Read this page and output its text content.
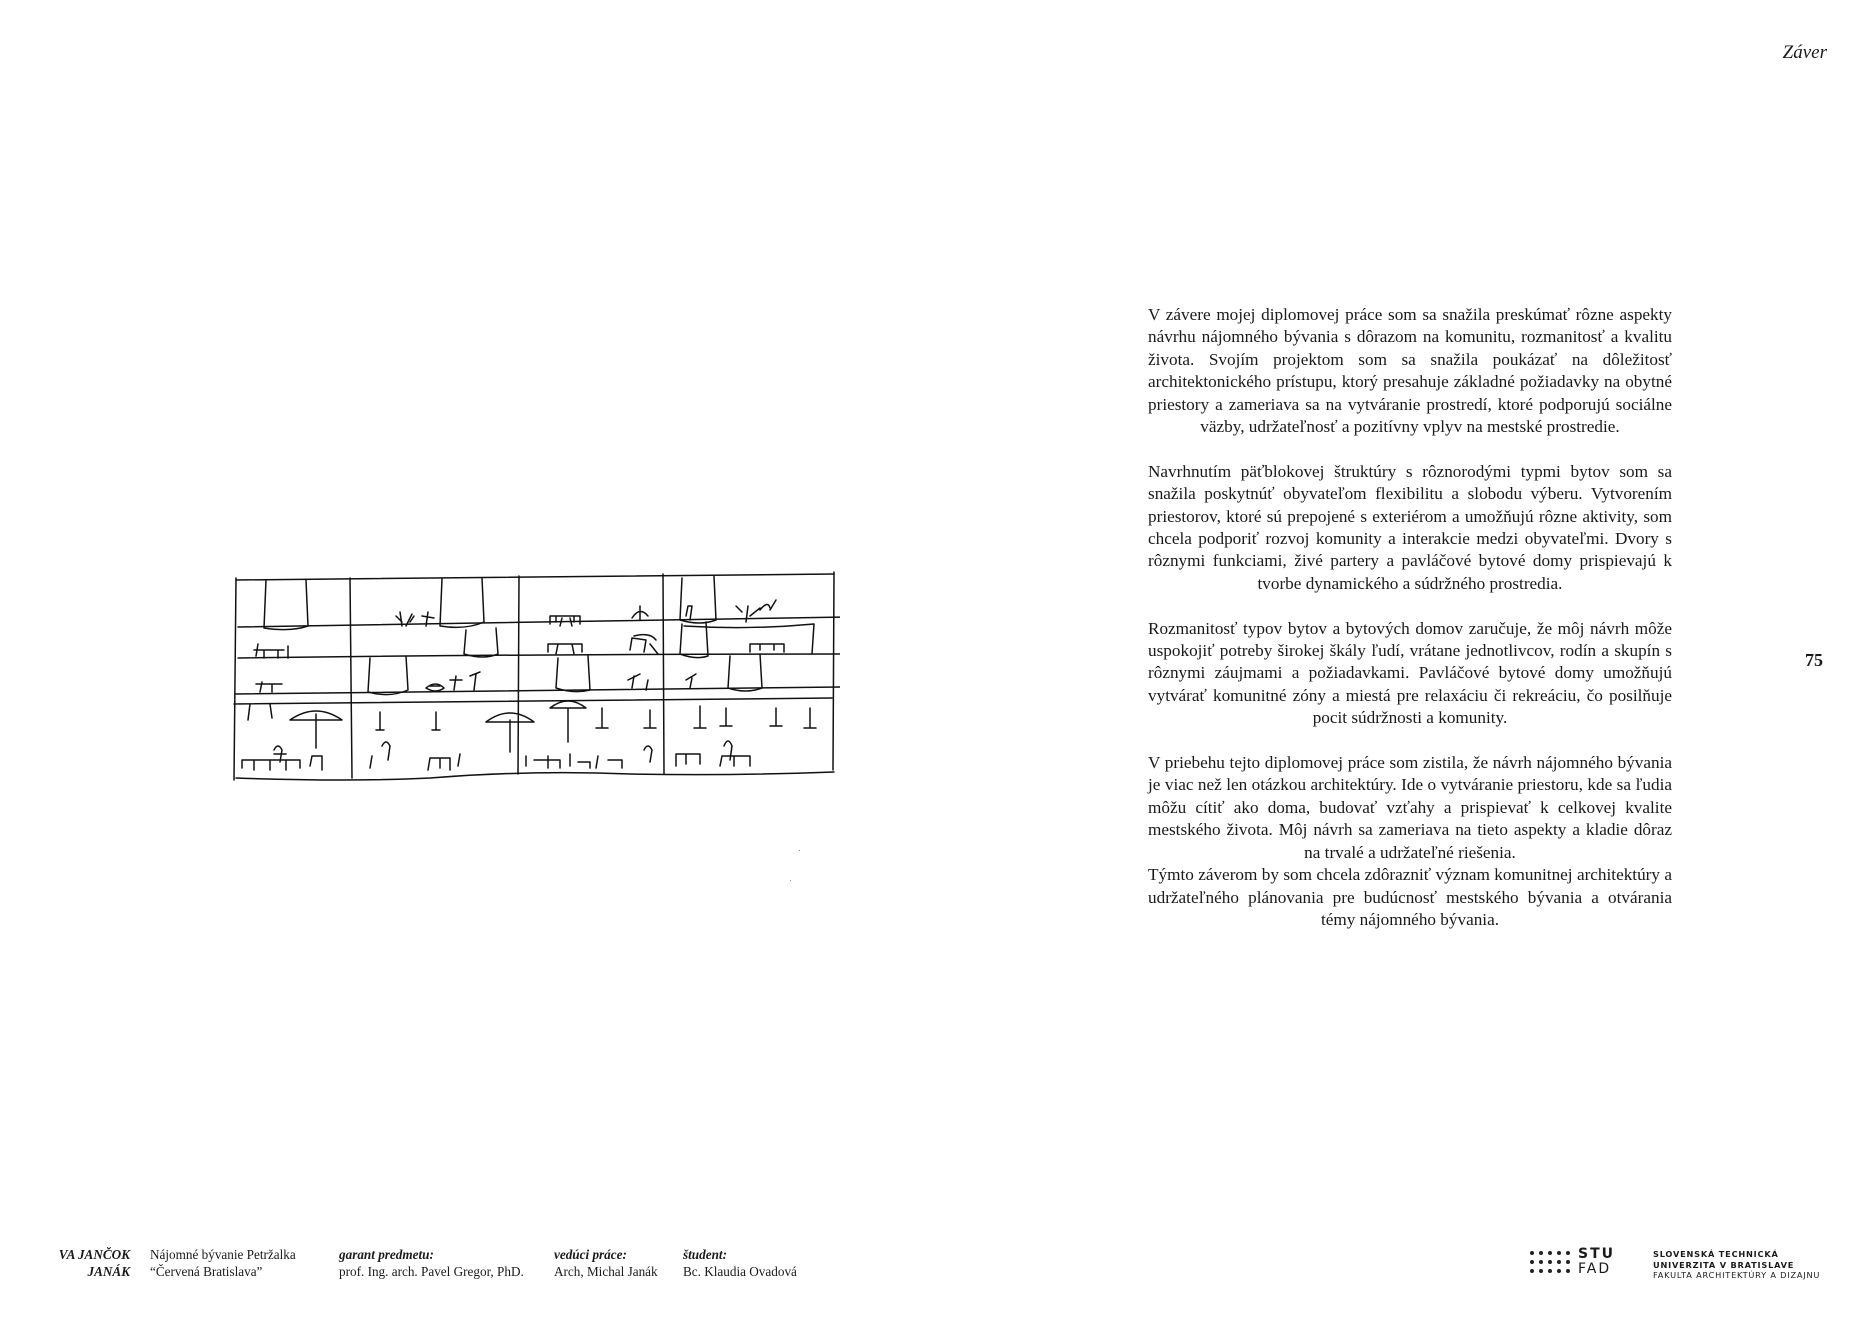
Záver
75

V závere mojej diplomovej práce som sa snažila preskúmať rôzne aspekty návrhu nájomného bývania s dôrazom na komunitu, rozmanitosť a kvalitu života. Svojím projektom som sa snažila poukázať na dôležitosť architektonického prístupu, ktorý presahuje základné požiadavky na obytné priestory a zameriava sa na vytváranie prostredí, ktoré podporujú sociálne väzby, udržateľnosť a pozitívny vplyv na mestské prostredie.

Navrhnutím päťblokovej štruktúry s rôznorodými typmi bytov som sa snažila poskytnúť obyvateľom flexibilitu a slobodu výberu. Vytvorením priestorov, ktoré sú prepojené s exteriérom a umožňujú rôzne aktivity, som chcela podporiť rozvoj komunity a interakcie medzi obyvateľmi. Dvory s rôznymi funkciami, živé partery a pavláčové bytové domy prispievajú k tvorbe dynamického a súdržného prostredia.

Rozmanitosť typov bytov a bytových domov zaručuje, že môj návrh môže uspokojiť potreby širokej škály ľudí, vrátane jednotlivcov, rodín a skupín s rôznymi záujmami a požiadavkami. Pavláčové bytové domy umožňujú vytvárať komunitné zóny a miestá pre relaxáciu či rekreáciu, čo posilňuje pocit súdržnosti a komunity.

V priebehu tejto diplomovej práce som zistila, že návrh nájomného bývania je viac než len otázkou architektúry. Ide o vytváranie priestoru, kde sa ľudia môžu cítiť ako doma, budovať vzťahy a prispievať k celkovej kvalite mestského života. Môj návrh sa zameriava na tieto aspekty a kladie dôraz na trvalé a udržateľné riešenia.
Týmto záverom by som chcela zdôrazniť význam komunitnej architektúry a udržateľného plánovania pre budúcnosť mestského bývania a otvárania témy nájomného bývania.

VA JANČOK
JANÁK
Nájomné bývanie Petržalka
“Červená Bratislava”
garant predmetu:
prof. Ing. arch. Pavel Gregor, PhD.
vedúci práce:
Arch, Michal Janák
študent:
Bc. Klaudia Ovadová
STU
FAD
SLOVENSKÁ TECHNICKÁ
UNIVERZITA V BRATISLAVE
FAKULTA ARCHITEKTÚRY A DIZAJNU
